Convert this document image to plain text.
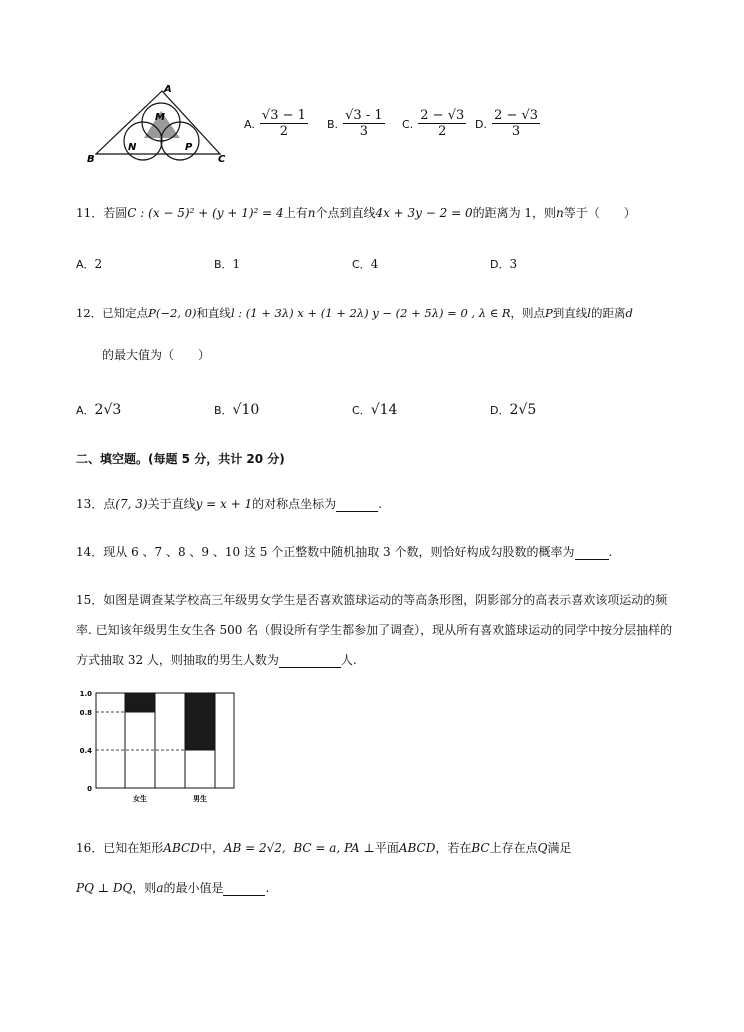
A
B	C
M
N	P
A. $\frac{√3 - 1}{2} B$. $\frac{√3 - 1}{3} C$. $\frac{2 - √3}{2} D$. $\frac{2 - √3}{3}$
11．若圆C : (x − 5)² + (y + 1)² = 4上有n个点到直线4x + 3y − 2 = 0的距离为 1，则n等于（　　）
A．2	B．1	C．4	D．3
12．已知定点P(−2, 0)和直线l : (1 + 3λ) x + (1 + 2λ) y − (2 + 5λ) = 0 , λ ∈ R，则点P到直线l的距离d
的最大值为（　　）
A．2√3	B．√10	C．√14	D．2√5
二、填空题。(每题 5 分，共计 20 分)
13．点(7, 3)关于直线y = x + 1的对称点坐标为	.
14．现从 6 、7 、8 、9 、10 这 5 个正整数中随机抽取 3 个数，则恰好构成勾股数的概率为	.
15．如图是调查某学校高三年级男女学生是否喜欢篮球运动的等高条形图，阴影部分的高表示喜欢该项运动的频
率. 已知该年级男生女生各 500 名（假设所有学生都参加了调查），现从所有喜欢篮球运动的同学中按分层抽样的
方式抽取 32 人，则抽取的男生人数为	人.
女生	男生
0
0.4
0.8
1.0
16．已知在矩形ABCD中，AB = 2√2, BC = a, PA ⊥平面ABCD，若在BC上存在点Q满足
PQ ⊥ DQ，则a的最小值是	.
